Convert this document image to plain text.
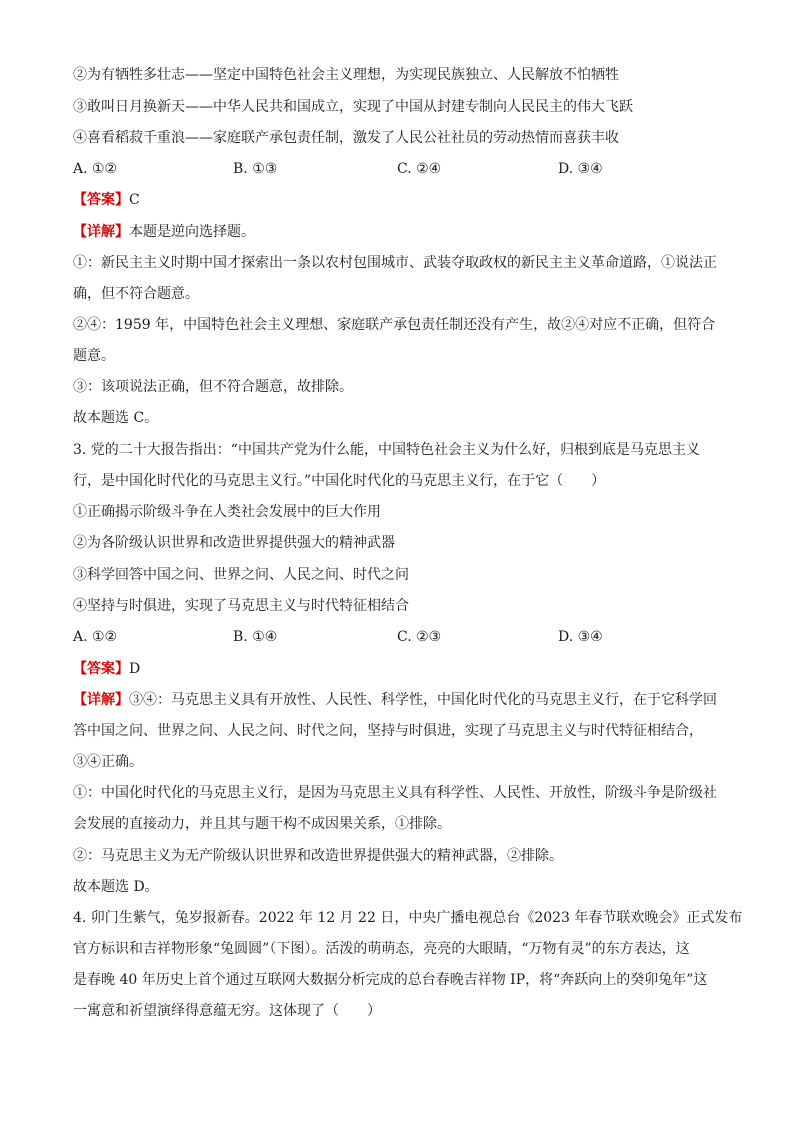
②为有牺牲多壮志——坚定中国特色社会主义理想，为实现民族独立、人民解放不怕牺牲
③敢叫日月换新天——中华人民共和国成立，实现了中国从封建专制向人民民主的伟大飞跃
④喜看稻菽千重浪——家庭联产承包责任制，激发了人民公社社员的劳动热情而喜获丰收
A. ①②	B. ①③	C. ②④	D. ③④
【答案】C
【详解】本题是逆向选择题。
①：新民主主义时期中国才探索出一条以农村包围城市、武装夺取政权的新民主主义革命道路，①说法正
确，但不符合题意。
②④：1959 年，中国特色社会主义理想、家庭联产承包责任制还没有产生，故②④对应不正确，但符合
题意。
③：该项说法正确，但不符合题意，故排除。
故本题选 C。
3. 党的二十大报告指出：“中国共产党为什么能，中国特色社会主义为什么好，归根到底是马克思主义
行，是中国化时代化的马克思主义行。”中国化时代化的马克思主义行，在于它（　　）
①正确揭示阶级斗争在人类社会发展中的巨大作用
②为各阶级认识世界和改造世界提供强大的精神武器
③科学回答中国之问、世界之问、人民之问、时代之问
④坚持与时俱进，实现了马克思主义与时代特征相结合
A. ①②	B. ①④	C. ②③	D. ③④
【答案】D
【详解】③④：马克思主义具有开放性、人民性、科学性，中国化时代化的马克思主义行，在于它科学回
答中国之问、世界之问、人民之问、时代之问，坚持与时俱进，实现了马克思主义与时代特征相结合，
③④正确。
①：中国化时代化的马克思主义行，是因为马克思主义具有科学性、人民性、开放性，阶级斗争是阶级社
会发展的直接动力，并且其与题干构不成因果关系，①排除。
②：马克思主义为无产阶级认识世界和改造世界提供强大的精神武器，②排除。
故本题选 D。
4. 卯门生紫气，兔岁报新春。2022 年 12 月 22 日，中央广播电视总台《2023 年春节联欢晚会》正式发布
官方标识和吉祥物形象“兔圆圆”（下图）。活泼的萌萌态，亮亮的大眼睛，“万物有灵”的东方表达，这
是春晚 40 年历史上首个通过互联网大数据分析完成的总台春晚吉祥物 IP，将“奔跃向上的癸卯兔年”这
一寓意和祈望演绎得意蕴无穷。这体现了（　　）
